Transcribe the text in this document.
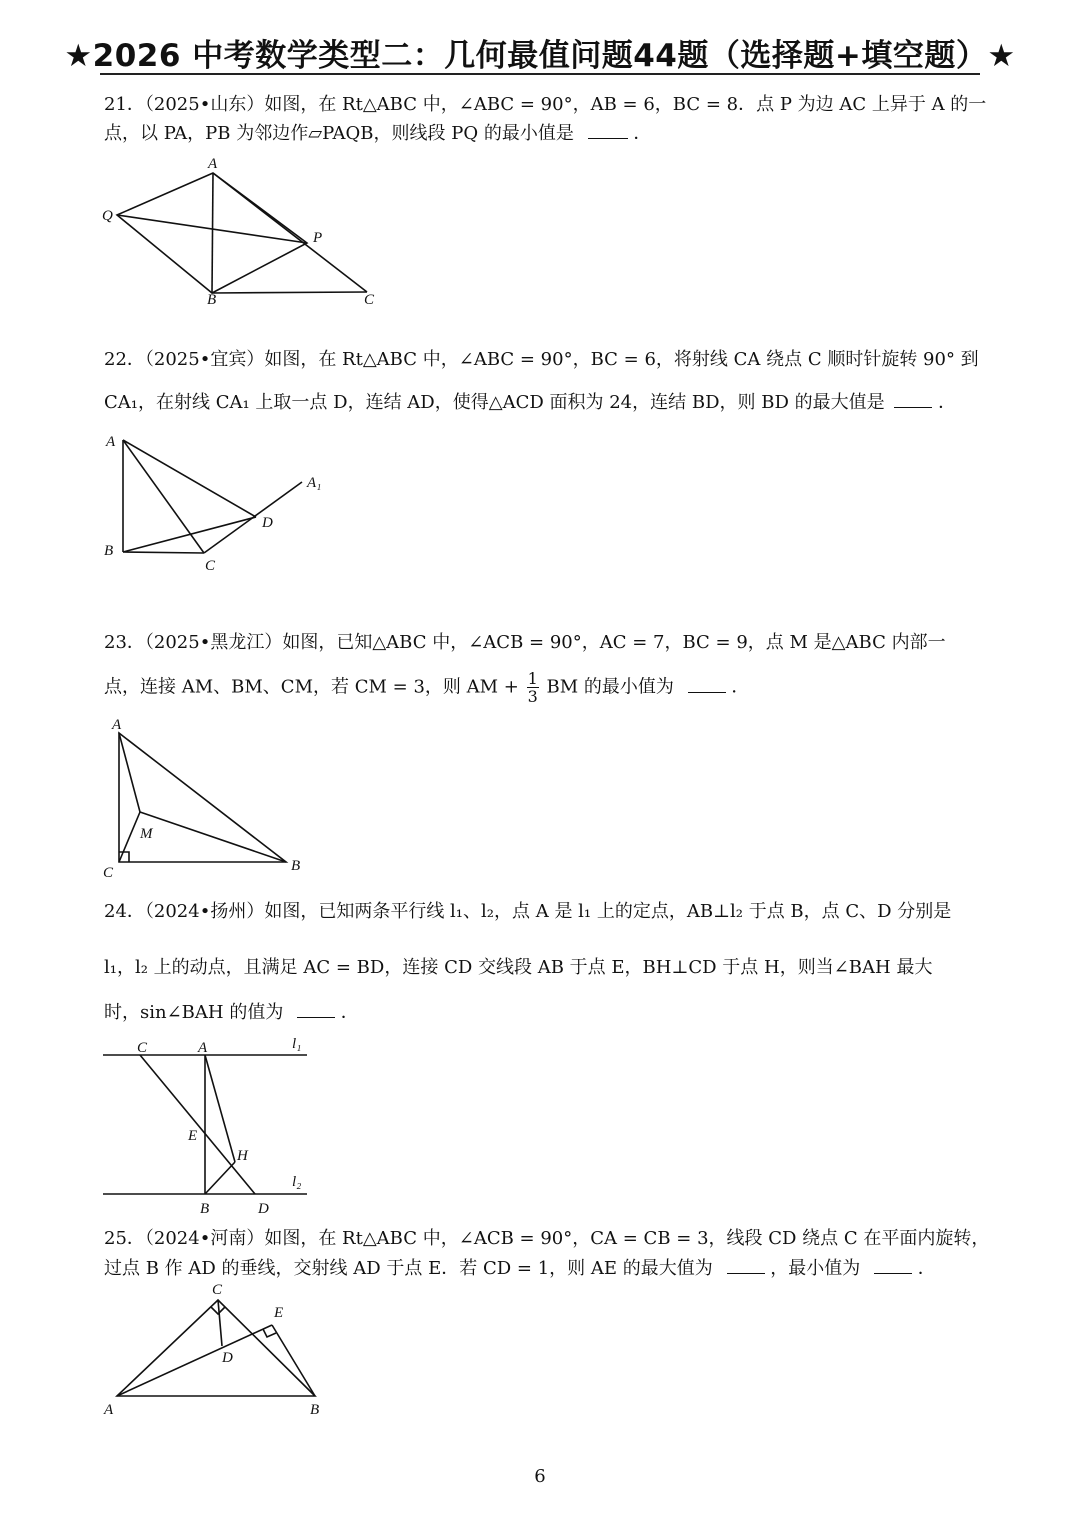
★2026 中考数学类型二：几何最值问题44题（选择题+填空题）★
21．（2025•山东）如图，在 Rt△ABC 中，∠ABC = 90°，AB = 6，BC = 8．点 P 为边 AC 上异于 A 的一
点，以 PA，PB 为邻边作▱PAQB，则线段 PQ 的最小值是	．
A
Q
P
B	C
22．（2025•宜宾）如图，在 Rt△ABC 中，∠ABC = 90°，BC = 6，将射线 CA 绕点 C 顺时针旋转 90° 到
CA₁，在射线 CA₁ 上取一点 D，连结 AD，使得△ACD 面积为 24，连结 BD，则 BD 的最大值是	．
A
A₁
D
B
C
23．（2025•黑龙江）如图，已知△ABC 中，∠ACB = 90°，AC = 7，BC = 9，点 M 是△ABC 内部一
点，连接 AM、BM、CM，若 CM = 3，则 AM + $\frac{1}{3}$ BM 的最小值为	．
A
M
C	B
24．（2024•扬州）如图，已知两条平行线 l₁、l₂，点 A 是 l₁ 上的定点，AB⊥l₂ 于点 B，点 C、D 分别是
l₁，l₂ 上的动点，且满足 AC = BD，连接 CD 交线段 AB 于点 E，BH⊥CD 于点 H，则当∠BAH 最大
时，sin∠BAH 的值为	．
C	A	l₁
E
H
l₂
B	D
25．（2024•河南）如图，在 Rt△ABC 中，∠ACB = 90°，CA = CB = 3，线段 CD 绕点 C 在平面内旋转，
过点 B 作 AD 的垂线，交射线 AD 于点 E．若 CD = 1，则 AE 的最大值为	，最小值为	．
C
E
D
A	B
6
